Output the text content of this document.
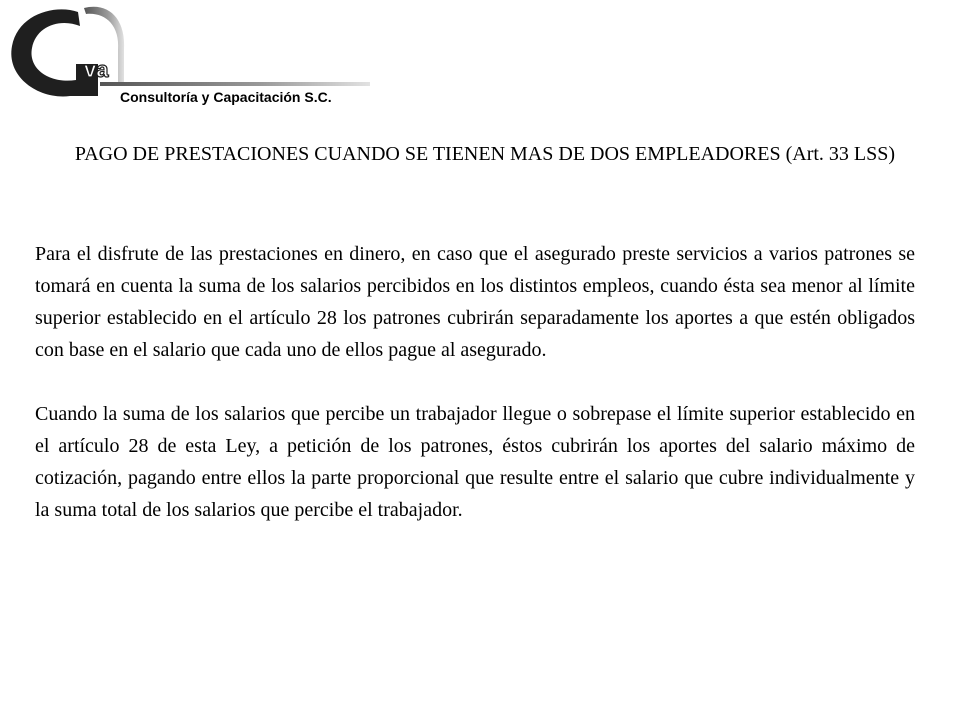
va
Consultoría y Capacitación S.C.
PAGO DE PRESTACIONES CUANDO SE TIENEN MAS DE DOS EMPLEADORES (Art. 33 LSS)

Para el disfrute de las prestaciones en dinero, en caso que el asegurado preste servicios a varios patrones se tomará en cuenta la suma de los salarios percibidos en los distintos empleos, cuando ésta sea menor al límite superior establecido en el artículo 28 los patrones cubrirán separadamente los aportes a que estén obligados con base en el salario que cada uno de ellos pague al asegurado.

Cuando la suma de los salarios que percibe un trabajador llegue o sobrepase el límite superior establecido en el artículo 28 de esta Ley, a petición de los patrones, éstos cubrirán los aportes del salario máximo de cotización, pagando entre ellos la parte proporcional que resulte entre el salario que cubre individualmente y la suma total de los salarios que percibe el trabajador.
